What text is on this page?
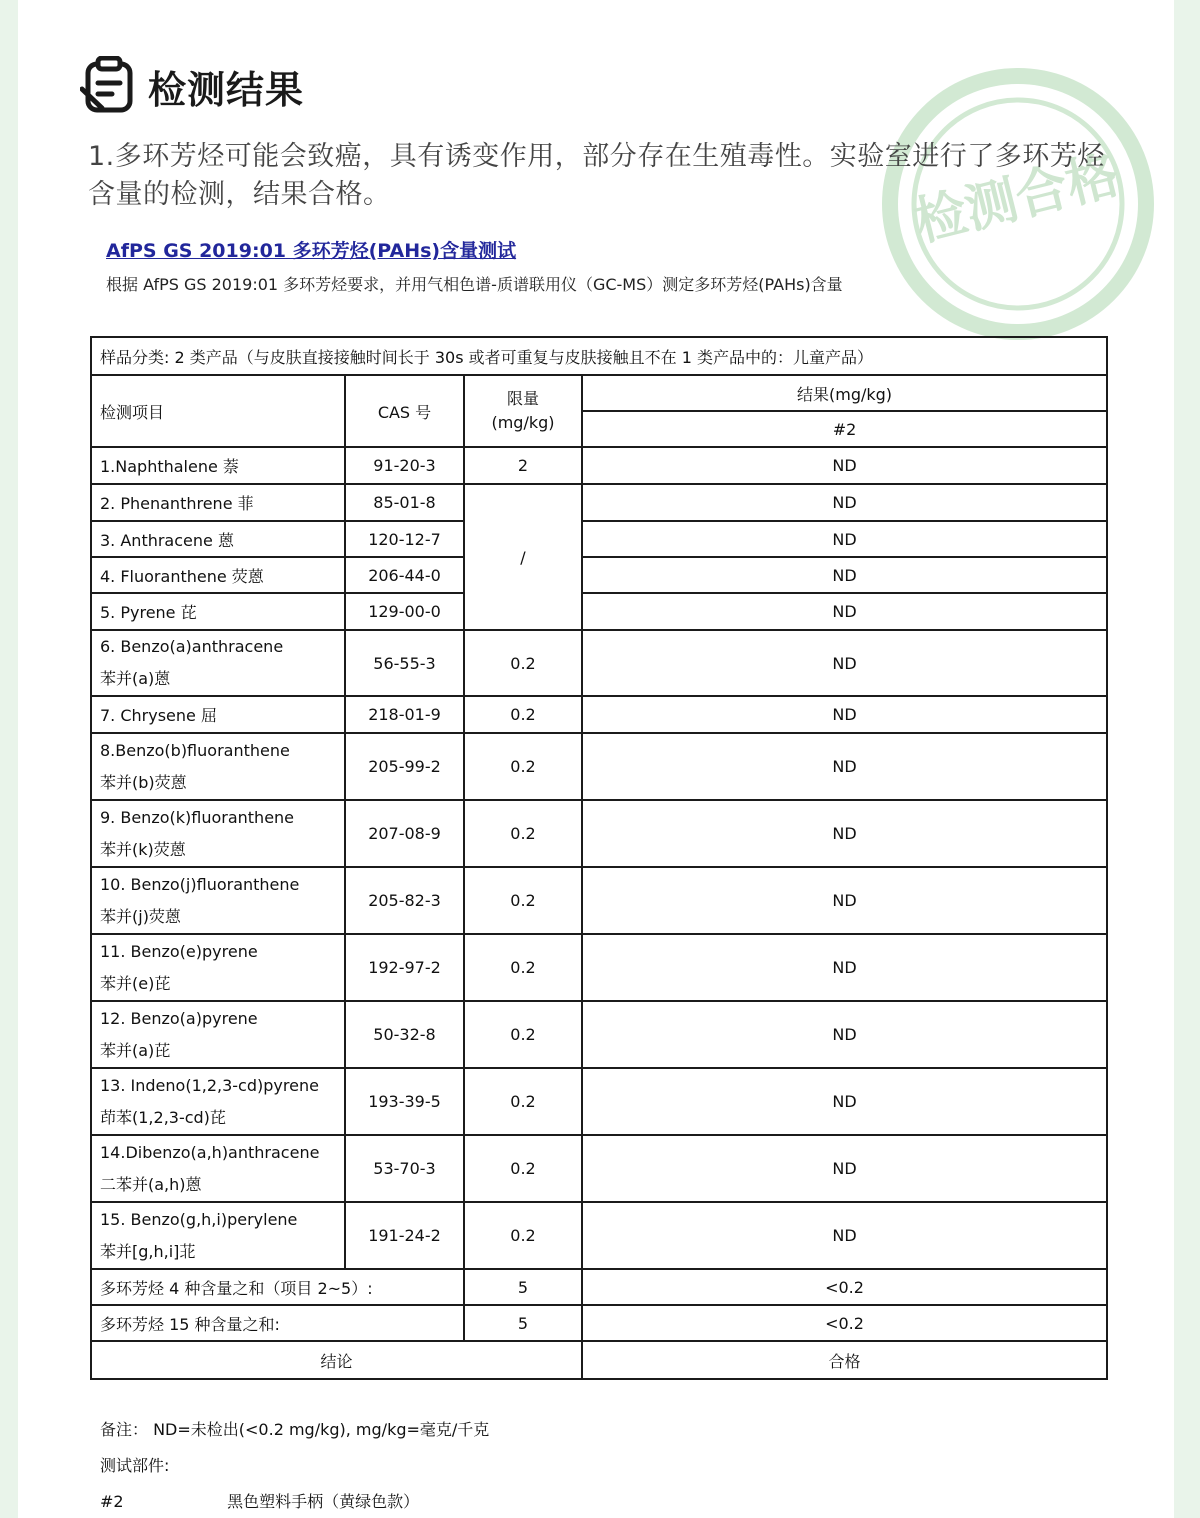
检测合格
检测结果
1.多环芳烃可能会致癌，具有诱变作用，部分存在生殖毒性。实验室进行了多环芳烃含量的检测，结果合格。
AfPS GS 2019:01 多环芳烃(PAHs)含量测试
根据 AfPS GS 2019:01 多环芳烃要求，并用气相色谱-质谱联用仪（GC-MS）测定多环芳烃(PAHs)含量
样品分类: 2 类产品（与皮肤直接接触时间长于 30s 或者可重复与皮肤接触且不在 1 类产品中的：儿童产品）			
检测项目	CAS 号	限量
(mg/kg)	结果(mg/kg)
			#2
1.Naphthalene 萘	91-20-3	2	ND
2. Phenanthrene 菲	85-01-8	/	ND
3. Anthracene 蒽	120-12-7		ND
4. Fluoranthene 荧蒽	206-44-0		ND
5. Pyrene 芘	129-00-0		ND

6. Benzo(a)anthracene
苯并(a)蒽	56-55-3	0.2	ND
7. Chrysene 屈	218-01-9	0.2	ND

8.Benzo(b)fluoranthene
苯并(b)荧蒽	205-99-2	0.2	ND

9. Benzo(k)fluoranthene
苯并(k)荧蒽	207-08-9	0.2	ND

10. Benzo(j)fluoranthene
苯并(j)荧蒽	205-82-3	0.2	ND

11. Benzo(e)pyrene
苯并(e)芘	192-97-2	0.2	ND

12. Benzo(a)pyrene
苯并(a)芘	50-32-8	0.2	ND

13. Indeno(1,2,3-cd)pyrene
茚苯(1,2,3-cd)芘	193-39-5	0.2	ND

14.Dibenzo(a,h)anthracene
二苯并(a,h)蒽	53-70-3	0.2	ND

15. Benzo(g,h,i)perylene
苯并[g,h,i]苝	191-24-2	0.2	ND
多环芳烃 4 种含量之和（项目 2~5）:		5	<0.2
多环芳烃 15 种含量之和:		5	<0.2
结论			合格
备注： ND=未检出(<0.2 mg/kg), mg/kg=毫克/千克
测试部件:
#2	黑色塑料手柄（黄绿色款）
